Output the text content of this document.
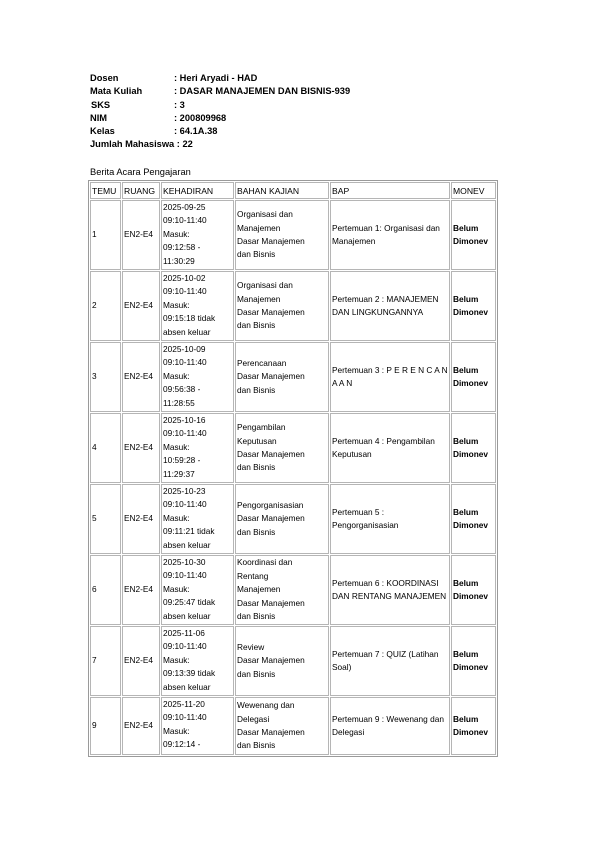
Dosen	: Heri Aryadi - HAD
Mata Kuliah	: DASAR MANAJEMEN DAN BISNIS-939
SKS	: 3
NIM	: 200809968
Kelas	: 64.1A.38
Jumlah Mahasiswa : 22
Berita Acara Pengajaran
TEMU	RUANG	KEHADIRAN	BAHAN KAJIAN	BAP	MONEV
1	EN2-E4	2025-09-25
09:10-11:40
Masuk:
09:12:58 -
11:30:29	Organisasi dan
Manajemen
Dasar Manajemen
dan Bisnis	Pertemuan 1: Organisasi dan Manajemen	Belum Dimonev
2	EN2-E4	2025-10-02
09:10-11:40
Masuk:
09:15:18 tidak
absen keluar	Organisasi dan
Manajemen
Dasar Manajemen
dan Bisnis	Pertemuan 2 : MANAJEMEN DAN LINGKUNGANNYA	Belum Dimonev
3	EN2-E4	2025-10-09
09:10-11:40
Masuk:
09:56:38 -
11:28:55	Perencanaan
Dasar Manajemen
dan Bisnis	Pertemuan 3 : P E R E N C A N A A N	Belum Dimonev
4	EN2-E4	2025-10-16
09:10-11:40
Masuk:
10:59:28 -
11:29:37	Pengambilan
Keputusan
Dasar Manajemen
dan Bisnis	Pertemuan 4 : Pengambilan Keputusan	Belum Dimonev
5	EN2-E4	2025-10-23
09:10-11:40
Masuk:
09:11:21 tidak
absen keluar	Pengorganisasian
Dasar Manajemen
dan Bisnis	Pertemuan 5 : Pengorganisasian	Belum Dimonev
6	EN2-E4	2025-10-30
09:10-11:40
Masuk:
09:25:47 tidak
absen keluar	Koordinasi dan
Rentang
Manajemen
Dasar Manajemen
dan Bisnis	Pertemuan 6 : KOORDINASI DAN RENTANG MANAJEMEN	Belum Dimonev
7	EN2-E4	2025-11-06
09:10-11:40
Masuk:
09:13:39 tidak
absen keluar	Review
Dasar Manajemen
dan Bisnis	Pertemuan 7 : QUIZ (Latihan Soal)	Belum Dimonev
9	EN2-E4	2025-11-20
09:10-11:40
Masuk:
09:12:14 -	Wewenang dan
Delegasi
Dasar Manajemen
dan Bisnis	Pertemuan 9 : Wewenang dan Delegasi	Belum Dimonev
